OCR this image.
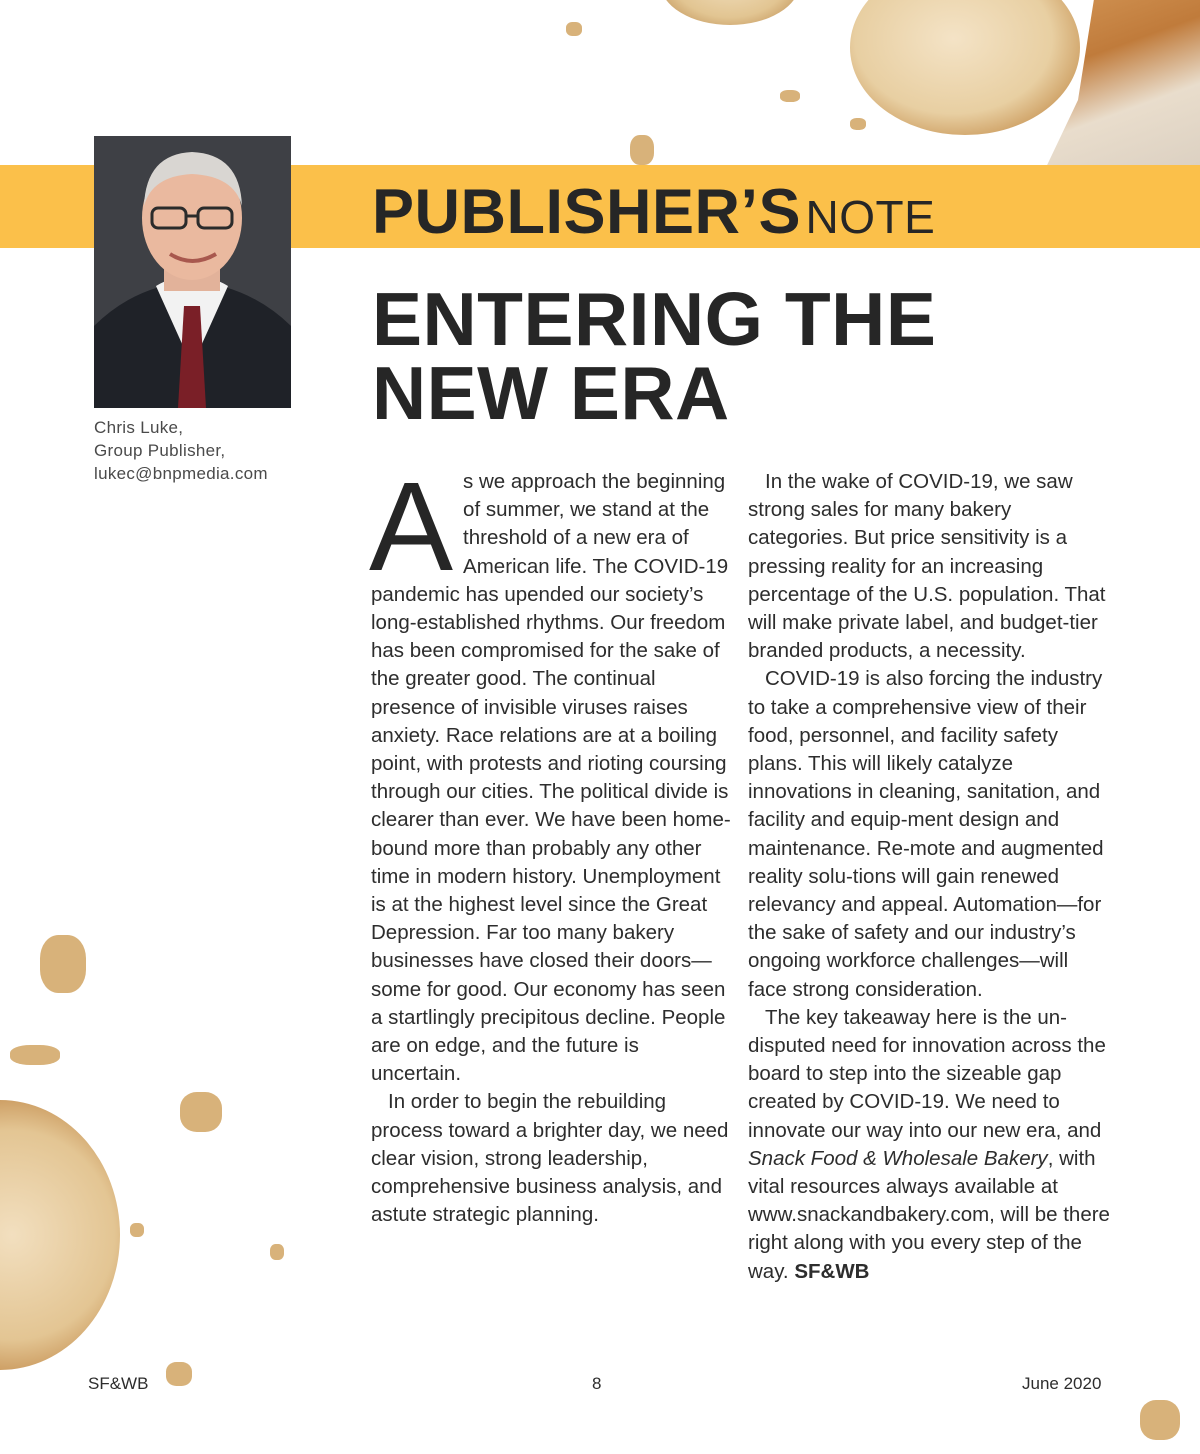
Chris Luke,
Group Publisher,
lukec@bnpmedia.com
PUBLISHER’S NOTE
ENTERING THE
NEW ERA

As we approach the beginning of summer, we stand at the threshold of a new era of American life. The COVID-19 pandemic has upended our society’s long-established rhythms. Our freedom has been compromised for the sake of the greater good. The continual presence of invisible viruses raises anxiety. Race relations are at a boiling point, with protests and rioting coursing through our cities. The political divide is clearer than ever. We have been home-bound more than probably any other time in modern history. Unemployment is at the highest level since the Great Depression. Far too many bakery businesses have closed their doors—some for good. Our economy has seen a startlingly precipitous decline. People are on edge, and the future is uncertain.

In order to begin the rebuilding process toward a brighter day, we need clear vision, strong leadership, comprehensive business analysis, and astute strategic planning.

In the wake of COVID-19, we saw strong sales for many bakery categories. But price sensitivity is a pressing reality for an increasing percentage of the U.S. population. That will make private label, and budget-tier branded products, a necessity.

COVID-19 is also forcing the industry to take a comprehensive view of their food, personnel, and facility safety plans. This will likely catalyze innovations in cleaning, sanitation, and facility and equip-ment design and maintenance. Re-mote and augmented reality solu-tions will gain renewed relevancy and appeal. Automation—for the sake of safety and our industry’s ongoing workforce challenges—will face strong consideration.

The key takeaway here is the un-disputed need for innovation across the board to step into the sizeable gap created by COVID-19. We need to innovate our way into our new era, and Snack Food & Wholesale Bakery, with vital resources always available at www.snackandbakery.com, will be there right along with you every step of the way. SF&WB

SF&WB	8	June 2020
